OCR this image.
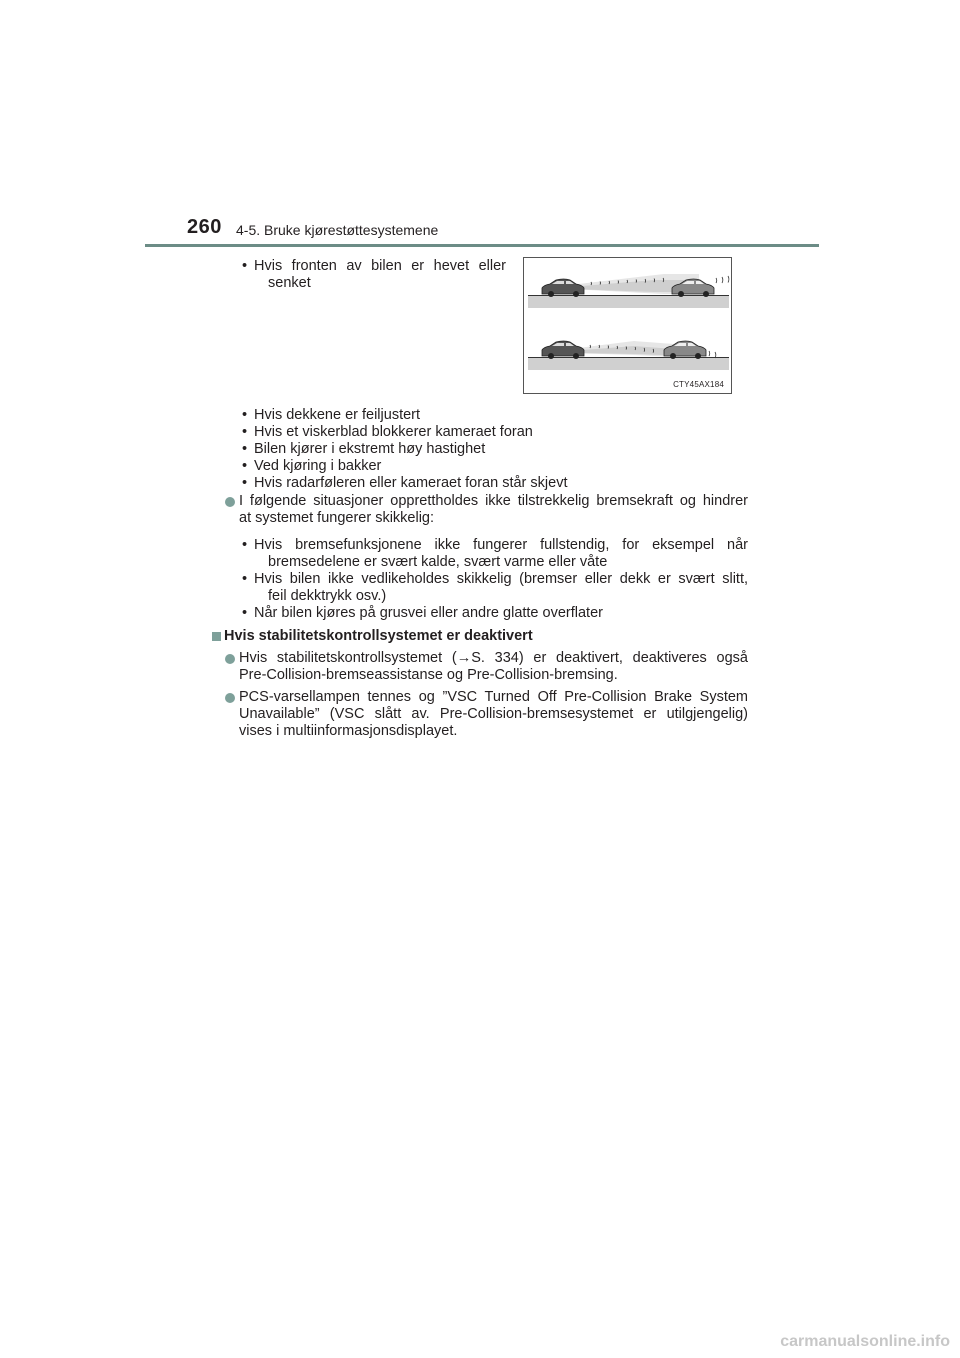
260 4-5. Bruke kjørestøttesystemene
• Hvis fronten av bilen er hevet eller
senket
CTY45AX184
• Hvis dekkene er feiljustert
• Hvis et viskerblad blokkerer kameraet foran
• Bilen kjører i ekstremt høy hastighet
• Ved kjøring i bakker
• Hvis radarføleren eller kameraet foran står skjevt
I følgende situasjoner opprettholdes ikke tilstrekkelig bremsekraft og hindrer
at systemet fungerer skikkelig:
• Hvis bremsefunksjonene ikke fungerer fullstendig, for eksempel når
bremsedelene er svært kalde, svært varme eller våte
• Hvis bilen ikke vedlikeholdes skikkelig (bremser eller dekk er svært slitt,
feil dekktrykk osv.)
• Når bilen kjøres på grusvei eller andre glatte overflater
Hvis stabilitetskontrollsystemet er deaktivert
Hvis stabilitetskontrollsystemet (→S. 334) er deaktivert, deaktiveres også
Pre-Collision-bremseassistanse og Pre-Collision-bremsing.
PCS-varsellampen tennes og ”VSC Turned Off Pre-Collision Brake System
Unavailable” (VSC slått av. Pre-Collision-bremsesystemet er utilgjengelig)
vises i multiinformasjonsdisplayet.
carmanualsonline.info
